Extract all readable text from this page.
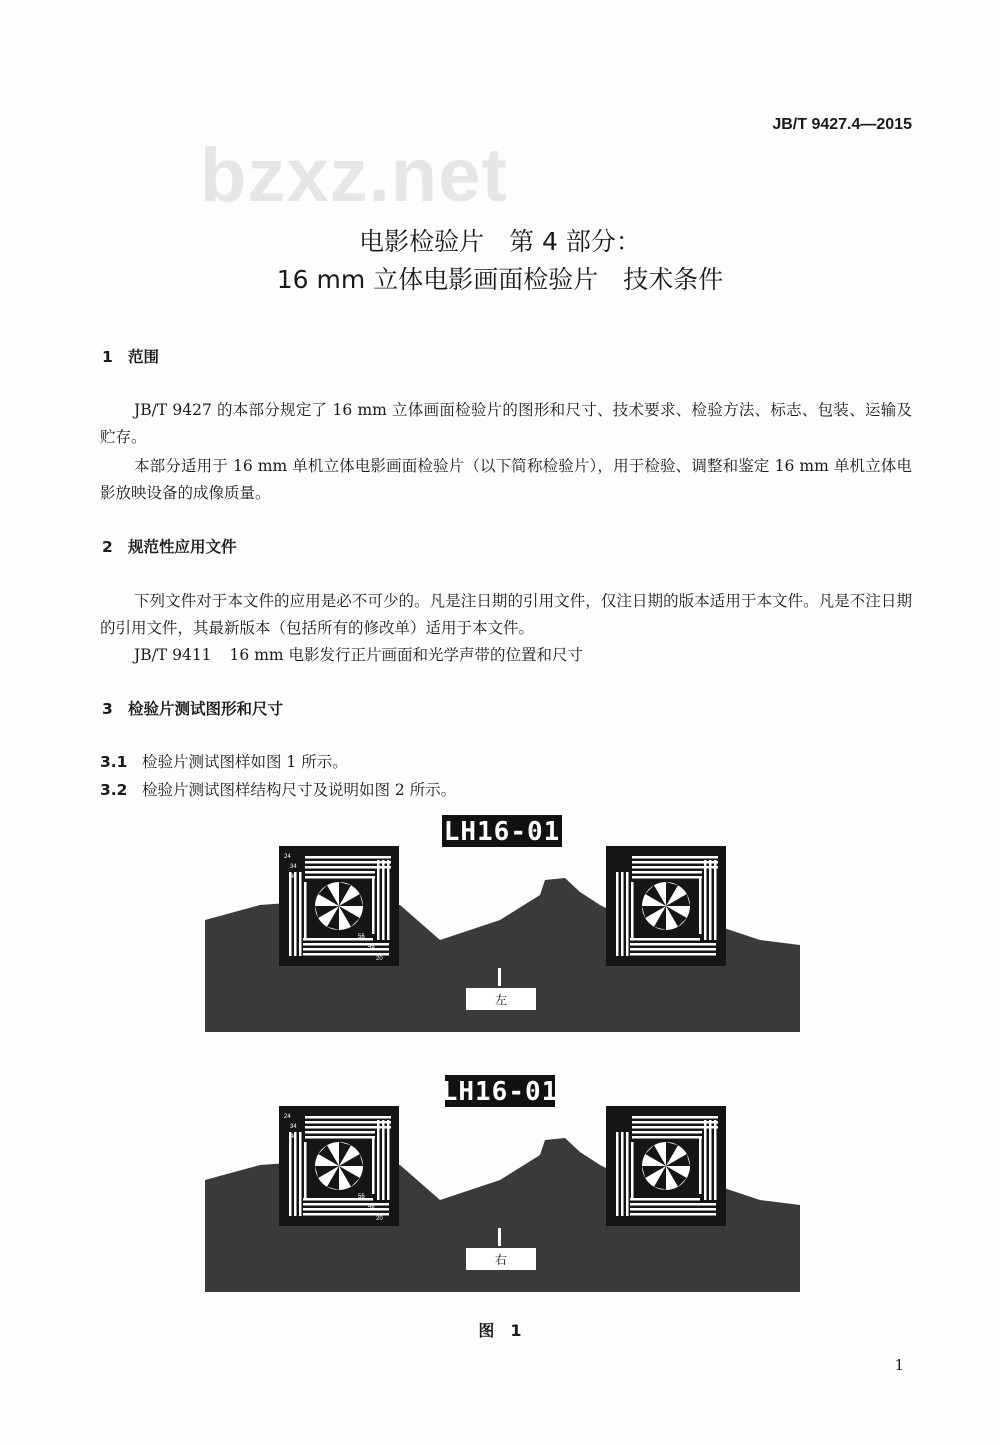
JB/T 9427.4—2015
bzxz.net
电影检验片　第 4 部分：
16 mm 立体电影画面检验片　技术条件
1 范围
JB/T 9427 的本部分规定了 16 mm 立体画面检验片的图形和尺寸、技术要求、检验方法、标志、包装、运输及贮存。
本部分适用于 16 mm 单机立体电影画面检验片（以下简称检验片），用于检验、调整和鉴定 16 mm 单机立体电影放映设备的成像质量。
2 规范性应用文件
下列文件对于本文件的应用是必不可少的。凡是注日期的引用文件，仅注日期的版本适用于本文件。凡是不注日期的引用文件，其最新版本（包括所有的修改单）适用于本文件。
JB/T 9411 16 mm 电影发行正片画面和光学声带的位置和尺寸
3 检验片测试图形和尺寸
3.1 检验片测试图样如图 1 所示。
3.2 检验片测试图样结构尺寸及说明如图 2 所示。
LH16-01
24
34
40
56
48
20
左
LH16-01
24
34
40
56
48
20
右
图　1
1
